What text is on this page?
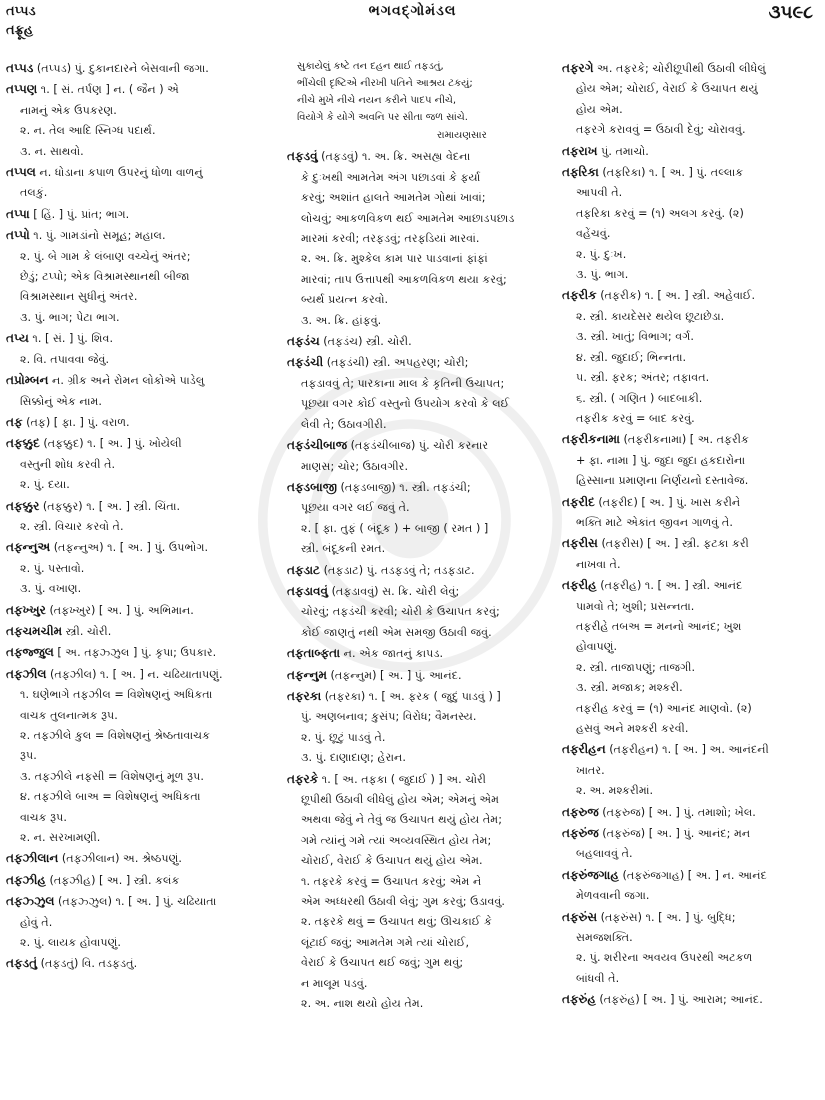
તપ્પડ
તફ્રૂહ
ભગવદ્ગોમંડલ	૩૫૯૮
તપ્પડ (તપ્પડ) પું. દુકાનદારને બેસવાની જગા.
તપ્પણ ૧. [ સં. તર્પણ ] ન. ( જૈન ) એ
નામનું એક ઉપકરણ.
૨. ન. તેલ આદિ સ્નિગ્ધ પદાર્થ.
૩. ન. સાથવો.
તપ્પલ ન. ધોડાના કપાળ ઉપરનું ધોળા વાળનું
તલકું.
તપ્પા [ હિં. ] પું. પ્રાંત; ભાગ.
તપ્પો ૧. પું. ગામડાંનો સમૂહ; મહાલ.
૨. પું. બે ગામ કે લંબાણ વચ્ચેનું અંતર;
છેડું; ટપ્પો; એક વિશ્રામસ્થાનથી બીજા
વિશ્રામસ્થાન સુધીનું અંતર.
૩. પું. ભાગ; પેટા ભાગ.
તપ્ય ૧. [ સં. ] પું. શિવ.
૨. વિ. તપાવવા જેવું.
તપ્રોમ્બન ન. ગ્રીક અને રોમન લોકોએ પાડેલુ
સિક્કોનું એક નામ.
તફ (તફ) [ ફા. ] પું. વરાળ.
તફક્કુદ (તફક્કુદ) ૧. [ અ. ] પું. ખોયેલી
વસ્તુની શોધ કરવી તે.
૨. પું. દયા.
તફક્કુર (તફક્કુર) ૧. [ અ. ] સ્ત્રી. ચિંતા.
૨. સ્ત્રી. વિચાર કરવો તે.
તફન્નુઅ (તફન્નુઅ) ૧. [ અ. ] પું. ઉપભોગ.
૨. પું. પસ્તાવો.
૩. પું. વખાણ.
તફખ્ખુર (તફખ્ખુર) [ અ. ] પું. અભિમાન.
તફચમચીમ સ્ત્રી. ચોરી.
તફજ્જુલ [ અ. તફઝ્ઝુલ ] પું. કૃપા; ઉપકાર.
તફઝીલ (તફઝીલ) ૧. [ અ. ] ન. ચઢિયાતાપણું.
૧. ઘણેભાગે તફઝીલ = વિશેષણનું અધિકતા
વાચક તુલનાત્મક રૂપ.
૨. તફઝીલે કુલ = વિશેષણનું શ્રેષ્ઠતાવાચક
રૂપ.
૩. તફઝીલે નફસી = વિશેષણનું મૂળ રૂપ.
૪. તફઝીલે બાઅ = વિશેષણનું અધિકતા
વાચક રૂપ.
૨. ન. સરખામણી.
તફઝીલાન (તફઝીલાન) અ. શ્રેષ્ઠપણું.
તફઝીહ (તફઝીહ) [ અ. ] સ્ત્રી. કલંક
તફઝ્ઝુલ (તફઝ્ઝુલ) ૧. [ અ. ] પું. ચઢિયાતા
હોવું તે.
૨. પું. લાયક હોવાપણું.
તફડતું (તફડતું) વિ. તડફડતું.
સુકાયેલું કષ્ટે તન દહન થાઈ તફડતું,
ભીંચેલી દૃષ્ટિએ નીરખી પતિને આશ્રય ટકયું;
નીચે મુખે નીચે નયન કરીને પાદપ નીચે,
વિયોગે કે યોગે અવનિ પર સીતા જળ સાંચે.
રામાયણસાર
તફડવું (તફડવું) ૧. અ. ક્રિ. અસહ્ય વેદના
કે દુઃખથી આમતેમ અંગ પછાડવાં કે ફર્યા
કરવું; અશાંત હાલતે આમતેમ ગોથાં ખાવાં;
લોચવું; આકળવિકળ થઈ આમતેમ આછાડપછાડ
મારમાં કરવી; તરફડવું; તરફડિયાં મારવાં.
૨. અ. ક્રિ. મુશ્કેલ કામ પાર પાડવાનાં ફાંફાં
મારવાં; તાપ ઉત્તાપથી આકળવિકળ થયા કરવું;
બ્યર્થ પ્રયત્ન કરવો.
૩. અ. ક્રિ. હાંફવું.
તફડંચ (તફડંચ) સ્ત્રી. ચોરી.
તફડંચી (તફડંચી) સ્ત્રી. અપહરણ; ચોરી;
તફડાવવું તે; પારકાના માલ કે કૃતિની ઉચાપત;
પૂછયા વગર કોઈ વસ્તુનો ઉપયોગ કરવો કે લઈ
લેવી તે; ઉઠાવગીરી.
તફડંચીબાજ (તફડંચીબાજ) પું. ચોરી કરનાર
માણસ; ચોર; ઉઠાવગીર.
તફડબાજી (તફડબાજી) ૧. સ્ત્રી. તફડંચી;
પૂછયા વગર લઈ જવું તે.
૨. [ ફા. તુફં ( બંદૂક ) + બાજી ( રમત ) ]
સ્ત્રી. બંદૂકની રમત.
તફડાટ (તફડાટ) પું. તડફડવું તે; તડફડાટ.
તફડાવવું (તફડાવવું) સ. ક્રિ. ચોરી લેવું;
ચોરવું; તફડંચી કરવી; ચોરી કે ઉચાપત કરવું;
કોઈ જાણતું નથી એમ સમજી ઉઠાવી જવું.
તફતાબ્ફતા ન. એક જાતનું કાપડ.
તફન્નુમ (તફન્નુમ) [ અ. ] પું. આનંદ.
તફરકા (તફરકા) ૧. [ અ. ફરક ( જુદું પાડવું ) ]
પું. અણબનાવ; કુસંપ; વિરોધ; વૈમનસ્ય.
૨. પું. છૂટું પાડવું તે.
૩. પું. દાણાદાણ; હેરાન.
તફરકે ૧. [ અ. તફકા ( જુદાઈ ) ] અ. ચોરી
છૂપીથી ઉઠાવી લીધેલું હોય એમ; એમનું એમ
અથવા જેવું ને તેવું જ ઉચાપત થયું હોય તેમ;
ગમે ત્યાંનું ગમે ત્યાં અવ્યવસ્થિત હોય તેમ;
ચોરાઈ, વેરાઈ કે ઉચાપત થયું હોય એમ.
૧. તફરકે કરવું = ઉચાપત કરવું; એમ ને
એમ અધ્ધરથી ઉઠાવી લેવું; ગુમ કરવું; ઉડાવવું.
૨. તફરકે થવું = ઉચાપત થવું; ઊચકાઈ કે
લૂંટાઈ જવું; આમતેમ ગમે ત્યાં ચોરાઈ,
વેરાઈ કે ઉચાપત થઈ જવું; ગુમ થવું;
ન માલૂમ પડવું.
૨. અ. નાશ થયો હોય તેમ.
તફરગે અ. તફરકે; ચોરીછૂપીથી ઉઠાવી લીધેલું
હોય એમ; ચોરાઈ, વેરાઈ કે ઉચાપત થયું
હોય એમ.
તફરગે કરાવવું = ઉઠાવી દેવું; ચોરાવવું.
તફરાખ પું. તમાચો.
તફરિકા (તફરિકા) ૧. [ અ. ] પું. તલ્લાક
આપવી તે.
તફરિકા કરવું = (૧) અલગ કરવું. (૨)
વહેંચવું.
૨. પું. દુઃખ.
૩. પું. ભાગ.
તફરીક (તફરીક) ૧. [ અ. ] સ્ત્રી. અહેવાઈ.
૨. સ્ત્રી. કાયદેસર થયેલ છૂટાછેડા.
૩. સ્ત્રી. ખાતું; વિભાગ; વર્ગ.
૪. સ્ત્રી. જુદાઈ; ભિન્નતા.
૫. સ્ત્રી. ફરક; અંતર; તફાવત.
૬. સ્ત્રી. ( ગણિત ) બાદબાકી.
તફરીક કરવું = બાદ કરવું.
તફરીકનામા (તફરીકનામા) [ અ. તફરીક
+ ફા. નામા ] પું. જુદા જુદા હકદારોના
હિસ્સાના પ્રમાણના નિર્ણયનો દસ્તાવેજ.
તફરીદ (તફરીદ) [ અ. ] પું. ખાસ કરીને
ભક્તિ માટે એકાંત જીવન ગાળવું તે.
તફરીસ (તફરીસ) [ અ. ] સ્ત્રી. ફટકા કરી
નાખવા તે.
તફરીહ (તફરીહ) ૧. [ અ. ] સ્ત્રી. આનંદ
પામવો તે; ખુશી; પ્રસન્નતા.
તફરીહે તબઅ = મનનો આનંદ; ખુશ
હોવાપણું.
૨. સ્ત્રી. તાજાપણું; તાજગી.
૩. સ્ત્રી. મજાક; મશ્કરી.
તફરીહ કરવું = (૧) આનંદ માણવો. (૨)
હસવું અને મશ્કરી કરવી.
તફરીહન (તફરીહન) ૧. [ અ. ] અ. આનંદની
ખાતર.
૨. અ. મશ્કરીમાં.
તફરુજ (તફરુજ) [ અ. ] પું. તમાશો; ખેલ.
તફરુંજ (તફરુંજ) [ અ. ] પું. આનંદ; મન
બહલાવવું તે.
તફરુંજગાહ (તફરુંજગાહ) [ અ. ] ન. આનંદ
મેળવવાની જગા.
તફરુંસ (તફરુંસ) ૧. [ અ. ] પું. બુદ્ધિ;
સમજશક્તિ.
૨. પું. શરીરના અવયવ ઉપરથી અટકળ
બાંધવી તે.
તફરુંહ (તફરુંહ) [ અ. ] પું. આરામ; આનંદ.
